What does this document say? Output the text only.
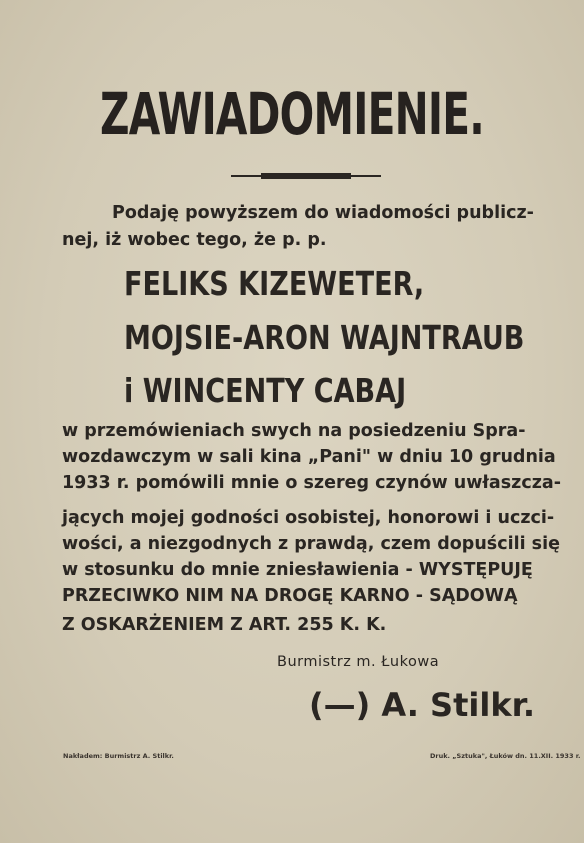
ZAWIADOMIENIE.
Podaję powyższem do wiadomości publicz-
nej, iż wobec tego, że p. p.
FELIKS KIZEWETER,
MOJSIE-ARON WAJNTRAUB
i WINCENTY CABAJ
w przemówieniach swych na posiedzeniu Spra-
wozdawczym w sali kina „Pani" w dniu 10 grudnia
1933 r. pomówili mnie o szereg czynów uwłaszcza-
jących mojej godności osobistej, honorowi i uczci-
wości, a niezgodnych z prawdą, czem dopuścili się
w stosunku do mnie zniesławienia - WYSTĘPUJĘ
PRZECIWKO NIM NA DROGĘ KARNO - SĄDOWĄ
Z OSKARŻENIEM Z ART. 255 K. K.
Burmistrz m. Łukowa
(—) A. Stilkr.
Nakładem: Burmistrz A. Stilkr.	Druk. „Sztuka", Łuków dn. 11.XII. 1933 r.
